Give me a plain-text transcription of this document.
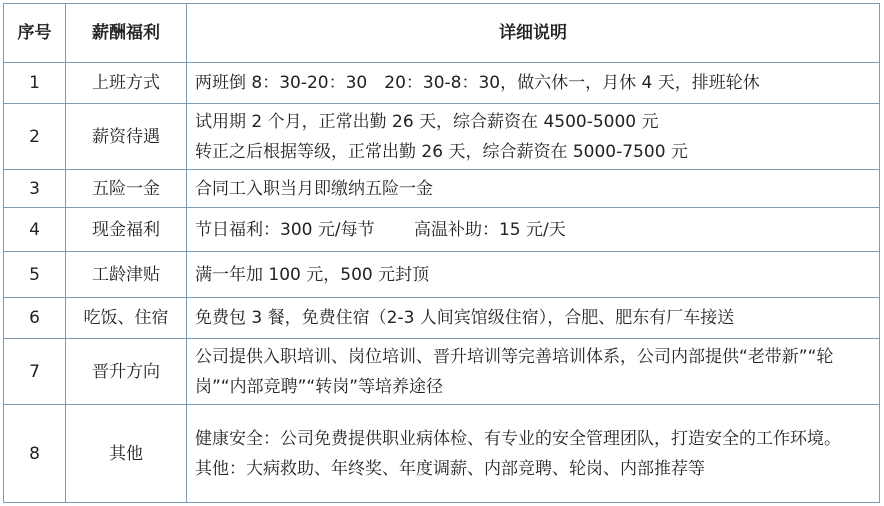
序号	薪酬福利	详细说明
1	上班方式	两班倒 8：30-20：30　20：30-8：30，做六休一，月休 4 天，排班轮休

2	薪资待遇	试用期 2 个月，正常出勤 26 天，综合薪资在 4500-5000 元
转正之后根据等级，正常出勤 26 天，综合薪资在 5000-7500 元

3	五险一金	合同工入职当月即缴纳五险一金

4	现金福利	节日福利：300 元/每节　　 高温补助：15 元/天

5	工龄津贴	满一年加 100 元，500 元封顶

6	吃饭、住宿	免费包 3 餐，免费住宿（2-3 人间宾馆级住宿），合肥、肥东有厂车接送

7	晋升方向	公司提供入职培训、岗位培训、晋升培训等完善培训体系，公司内部提供“老带新”“轮岗”“内部竞聘”“转岗”等培养途径

8	其他	健康安全：公司免费提供职业病体检、有专业的安全管理团队，打造安全的工作环境。
其他：大病救助、年终奖、年度调薪、内部竞聘、轮岗、内部推荐等
